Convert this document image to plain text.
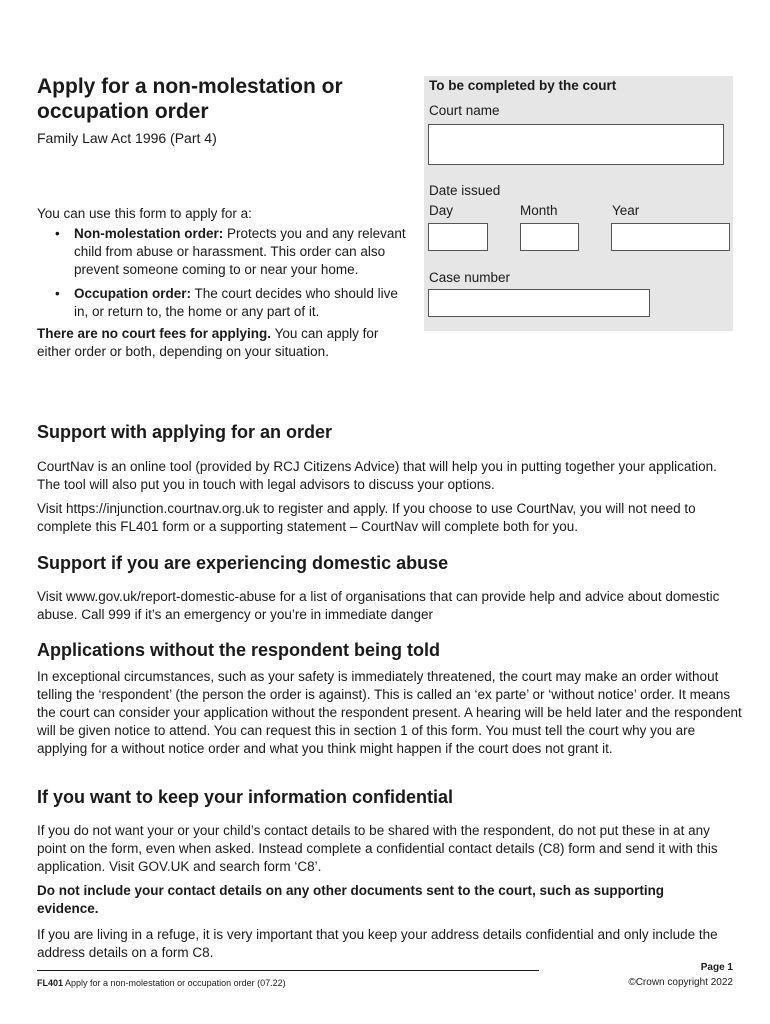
Apply for a non-molestation or
occupation order
Family Law Act 1996 (Part 4)
To be completed by the court
Court name
Date issued
Day	Month	Year
Case number

You can use this form to apply for a:

• Non-molestation order: Protects you and any relevant child from abuse or harassment. This order can also prevent someone coming to or near your home.
• Occupation order: The court decides who should live in, or return to, the home or any part of it.

There are no court fees for applying. You can apply for either order or both, depending on your situation.

Support with applying for an order

CourtNav is an online tool (provided by RCJ Citizens Advice) that will help you in putting together your application. The tool will also put you in touch with legal advisors to discuss your options.

Visit https://injunction.courtnav.org.uk to register and apply. If you choose to use CourtNav, you will not need to complete this FL401 form or a supporting statement – CourtNav will complete both for you.

Support if you are experiencing domestic abuse

Visit www.gov.uk/report-domestic-abuse for a list of organisations that can provide help and advice about domestic abuse. Call 999 if it’s an emergency or you’re in immediate danger

Applications without the respondent being told

In exceptional circumstances, such as your safety is immediately threatened, the court may make an order without telling the ‘respondent’ (the person the order is against). This is called an ‘ex parte’ or ‘without notice’ order. It means the court can consider your application without the respondent present. A hearing will be held later and the respondent will be given notice to attend. You can request this in section 1 of this form. You must tell the court why you are applying for a without notice order and what you think might happen if the court does not grant it.

If you want to keep your information confidential

If you do not want your or your child’s contact details to be shared with the respondent, do not put these in at any point on the form, even when asked. Instead complete a confidential contact details (C8) form and send it with this application. Visit GOV.UK and search form ‘C8’.

Do not include your contact details on any other documents sent to the court, such as supporting evidence.

If you are living in a refuge, it is very important that you keep your address details confidential and only include the address details on a form C8.

FL401 Apply for a non-molestation or occupation order (07.22)
Page 1
©Crown copyright 2022
